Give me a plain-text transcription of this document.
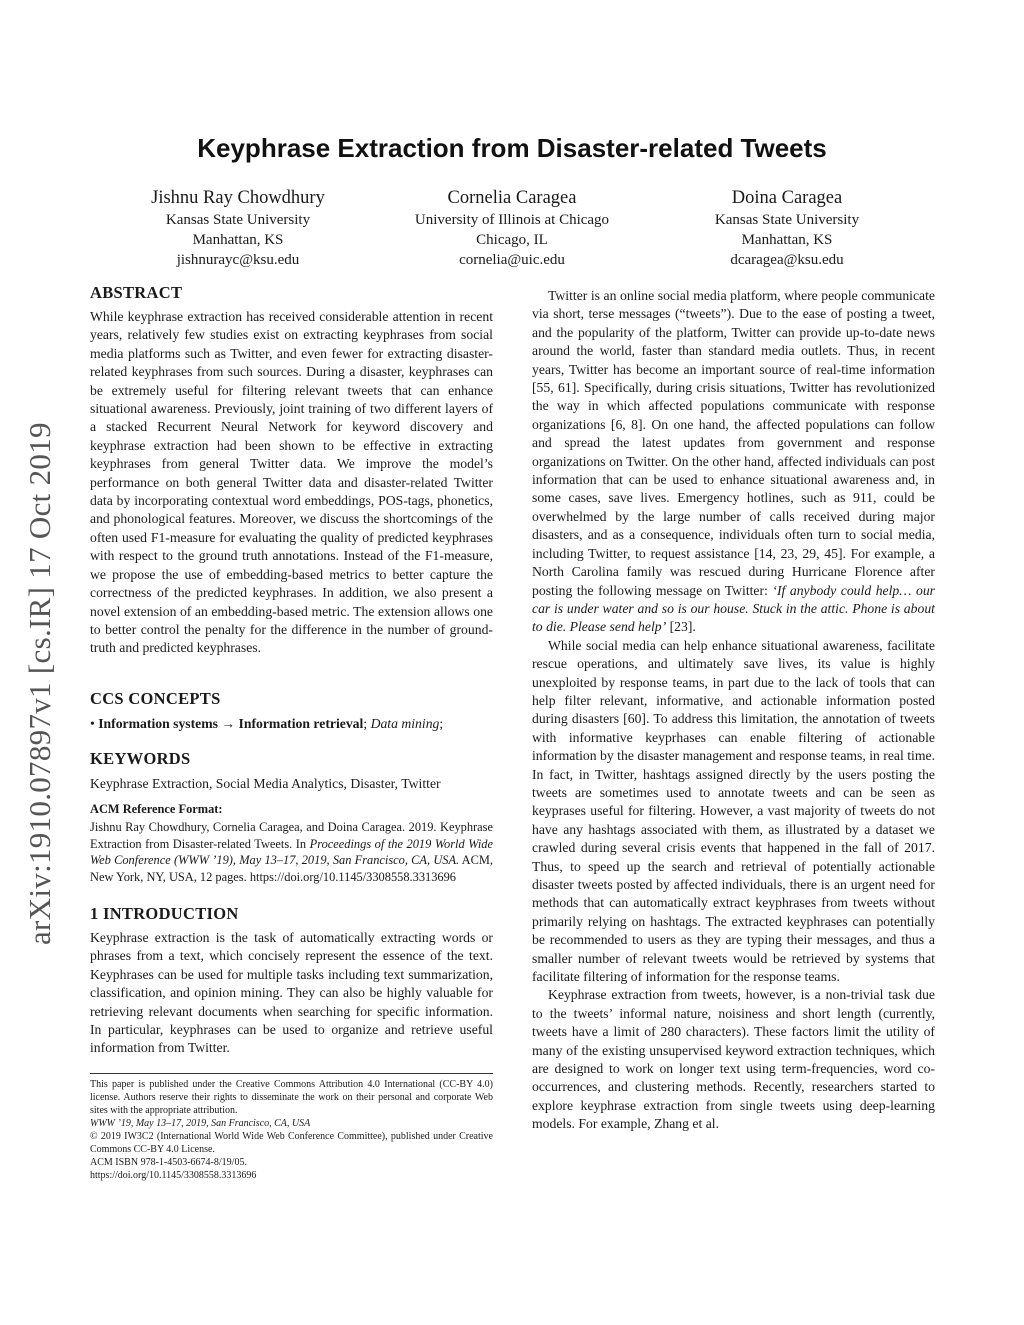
arXiv:1910.07897v1 [cs.IR] 17 Oct 2019
Keyphrase Extraction from Disaster-related Tweets
Jishnu Ray Chowdhury
Kansas State University
Manhattan, KS
jishnurayc@ksu.edu
Cornelia Caragea
University of Illinois at Chicago
Chicago, IL
cornelia@uic.edu
Doina Caragea
Kansas State University
Manhattan, KS
dcaragea@ksu.edu
ABSTRACT

While keyphrase extraction has received considerable attention in recent years, relatively few studies exist on extracting keyphrases from social media platforms such as Twitter, and even fewer for extracting disaster-related keyphrases from such sources. During a disaster, keyphrases can be extremely useful for filtering relevant tweets that can enhance situational awareness. Previously, joint training of two different layers of a stacked Recurrent Neural Network for keyword discovery and keyphrase extraction had been shown to be effective in extracting keyphrases from general Twitter data. We improve the model’s performance on both general Twitter data and disaster-related Twitter data by incorporating contextual word embeddings, POS-tags, phonetics, and phonological features. Moreover, we discuss the shortcomings of the often used F1-measure for evaluating the quality of predicted keyphrases with respect to the ground truth annotations. Instead of the F1-measure, we propose the use of embedding-based metrics to better capture the correctness of the predicted keyphrases. In addition, we also present a novel extension of an embedding-based metric. The extension allows one to better control the penalty for the difference in the number of ground-truth and predicted keyphrases.

CCS CONCEPTS
• Information systems → Information retrieval; Data mining;
KEYWORDS

Keyphrase Extraction, Social Media Analytics, Disaster, Twitter

ACM Reference Format:

Jishnu Ray Chowdhury, Cornelia Caragea, and Doina Caragea. 2019. Keyphrase Extraction from Disaster-related Tweets. In Proceedings of the 2019 World Wide Web Conference (WWW ’19), May 13–17, 2019, San Francisco, CA, USA. ACM, New York, NY, USA, 12 pages. https://doi.org/10.1145/3308558.3313696

1 INTRODUCTION

Keyphrase extraction is the task of automatically extracting words or phrases from a text, which concisely represent the essence of the text. Keyphrases can be used for multiple tasks including text summarization, classification, and opinion mining. They can also be highly valuable for retrieving relevant documents when searching for specific information. In particular, keyphrases can be used to organize and retrieve useful information from Twitter.

This paper is published under the Creative Commons Attribution 4.0 International (CC-BY 4.0) license. Authors reserve their rights to disseminate the work on their personal and corporate Web sites with the appropriate attribution.

WWW ’19, May 13–17, 2019, San Francisco, CA, USA

© 2019 IW3C2 (International World Wide Web Conference Committee), published under Creative Commons CC-BY 4.0 License.

ACM ISBN 978-1-4503-6674-8/19/05.
https://doi.org/10.1145/3308558.3313696

Twitter is an online social media platform, where people communicate via short, terse messages (“tweets”). Due to the ease of posting a tweet, and the popularity of the platform, Twitter can provide up-to-date news around the world, faster than standard media outlets. Thus, in recent years, Twitter has become an important source of real-time information [55, 61]. Specifically, during crisis situations, Twitter has revolutionized the way in which affected populations communicate with response organizations [6, 8]. On one hand, the affected populations can follow and spread the latest updates from government and response organizations on Twitter. On the other hand, affected individuals can post information that can be used to enhance situational awareness and, in some cases, save lives. Emergency hotlines, such as 911, could be overwhelmed by the large number of calls received during major disasters, and as a consequence, individuals often turn to social media, including Twitter, to request assistance [14, 23, 29, 45]. For example, a North Carolina family was rescued during Hurricane Florence after posting the following message on Twitter: ‘If anybody could help… our car is under water and so is our house. Stuck in the attic. Phone is about to die. Please send help’ [23].

While social media can help enhance situational awareness, facilitate rescue operations, and ultimately save lives, its value is highly unexploited by response teams, in part due to the lack of tools that can help filter relevant, informative, and actionable information posted during disasters [60]. To address this limitation, the annotation of tweets with informative keyprhases can enable filtering of actionable information by the disaster management and response teams, in real time. In fact, in Twitter, hashtags assigned directly by the users posting the tweets are sometimes used to annotate tweets and can be seen as keyprases useful for filtering. However, a vast majority of tweets do not have any hashtags associated with them, as illustrated by a dataset we crawled during several crisis events that happened in the fall of 2017. Thus, to speed up the search and retrieval of potentially actionable disaster tweets posted by affected individuals, there is an urgent need for methods that can automatically extract keyphrases from tweets without primarily relying on hashtags. The extracted keyphrases can potentially be recommended to users as they are typing their messages, and thus a smaller number of relevant tweets would be retrieved by systems that facilitate filtering of information for the response teams.

Keyphrase extraction from tweets, however, is a non-trivial task due to the tweets’ informal nature, noisiness and short length (currently, tweets have a limit of 280 characters). These factors limit the utility of many of the existing unsupervised keyword extraction techniques, which are designed to work on longer text using term-frequencies, word co-occurrences, and clustering methods. Recently, researchers started to explore keyphrase extraction from single tweets using deep-learning models. For example, Zhang et al.
